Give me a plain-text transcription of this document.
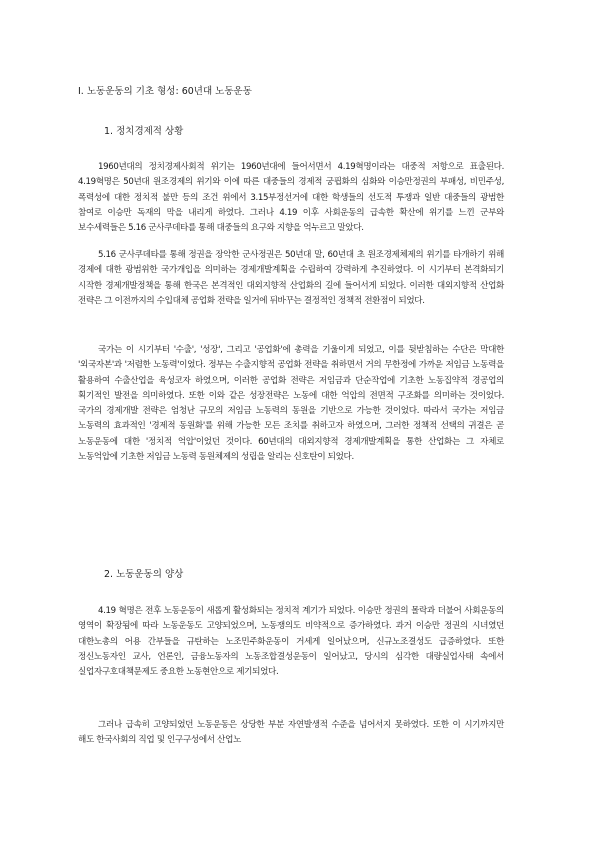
I. 노동운동의 기초 형성: 60년대 노동운동
1. 정치경제적 상황

1960년대의 정치경제사회적 위기는 1960년대에 들어서면서 4.19혁명이라는 대중적 저항으로 표출된다. 4.19혁명은 50년대 원조경제의 위기와 이에 따른 대중들의 경제적 궁핍화의 심화와 이승만정권의 부패성, 비민주성, 폭력성에 대한 정치적 불만 등의 조건 위에서 3.15부정선거에 대한 학생들의 선도적 투쟁과 일반 대중들의 광범한 참여로 이승만 독재의 막을 내리게 하였다. 그러나 4.19 이후 사회운동의 급속한 확산에 위기를 느낀 군부와 보수세력들은 5.16 군사쿠데타를 통해 대중들의 요구와 지향을 억누르고 말았다.

5.16 군사쿠데타를 통해 정권을 장악한 군사정권은 50년대 말, 60년대 초 원조경제체제의 위기를 타개하기 위해 경제에 대한 광범위한 국가개입을 의미하는 경제개발계획을 수립하여 강력하게 추진하였다. 이 시기부터 본격화되기 시작한 경제개발정책을 통해 한국은 본격적인 대외지향적 산업화의 길에 들어서게 되었다. 이러한 대외지향적 산업화 전략은 그 이전까지의 수입대체 공업화 전략을 일거에 뒤바꾸는 결정적인 정책적 전환점이 되었다.

국가는 이 시기부터 '수출', '성장', 그리고 '공업화'에 총력을 기울이게 되었고, 이를 뒷받침하는 수단은 막대한 '외국자본'과 '저렴한 노동력'이었다. 정부는 수출지향적 공업화 전략을 취하면서 거의 무한정에 가까운 저임금 노동력을 활용하여 수출산업을 육성코자 하였으며, 이러한 공업화 전략은 저임금과 단순작업에 기초한 노동집약적 경공업의 획기적인 발전을 의미하였다. 또한 이와 같은 성장전략은 노동에 대한 억압의 전면적 구조화를 의미하는 것이었다. 국가의 경제개발 전략은 엄청난 규모의 저임금 노동력의 동원을 기반으로 가능한 것이었다. 따라서 국가는 저임금 노동력의 효과적인 '경제적 동원화'를 위해 가능한 모든 조치를 취하고자 하였으며, 그러한 정책적 선택의 귀결은 곧 노동운동에 대한 '정치적 억압'이었던 것이다. 60년대의 대외지향적 경제개발계획을 통한 산업화는 그 자체로 노동억압에 기초한 저임금 노동력 동원체제의 성립을 알리는 신호탄이 되었다.

2. 노동운동의 양상

4.19 혁명은 전후 노동운동이 새롭게 활성화되는 정치적 계기가 되었다. 이승만 정권의 몰락과 더불어 사회운동의 영역이 확장됨에 따라 노동운동도 고양되었으며, 노동쟁의도 비약적으로 증가하였다. 과거 이승만 정권의 시녀였던 대한노총의 어용 간부들을 규탄하는 노조민주화운동이 거세게 일어났으며, 신규노조결성도 급증하였다. 또한 정신노동자인 교사, 언론인, 금융노동자의 노동조합결성운동이 일어났고, 당시의 심각한 대량실업사태 속에서 실업자구호대책문제도 중요한 노동현안으로 제기되었다.

그러나 급속히 고양되었던 노동운동은 상당한 부분 자연발생적 수준을 넘어서지 못하였다. 또한 이 시기까지만 해도 한국사회의 직업 및 인구구성에서 산업노
